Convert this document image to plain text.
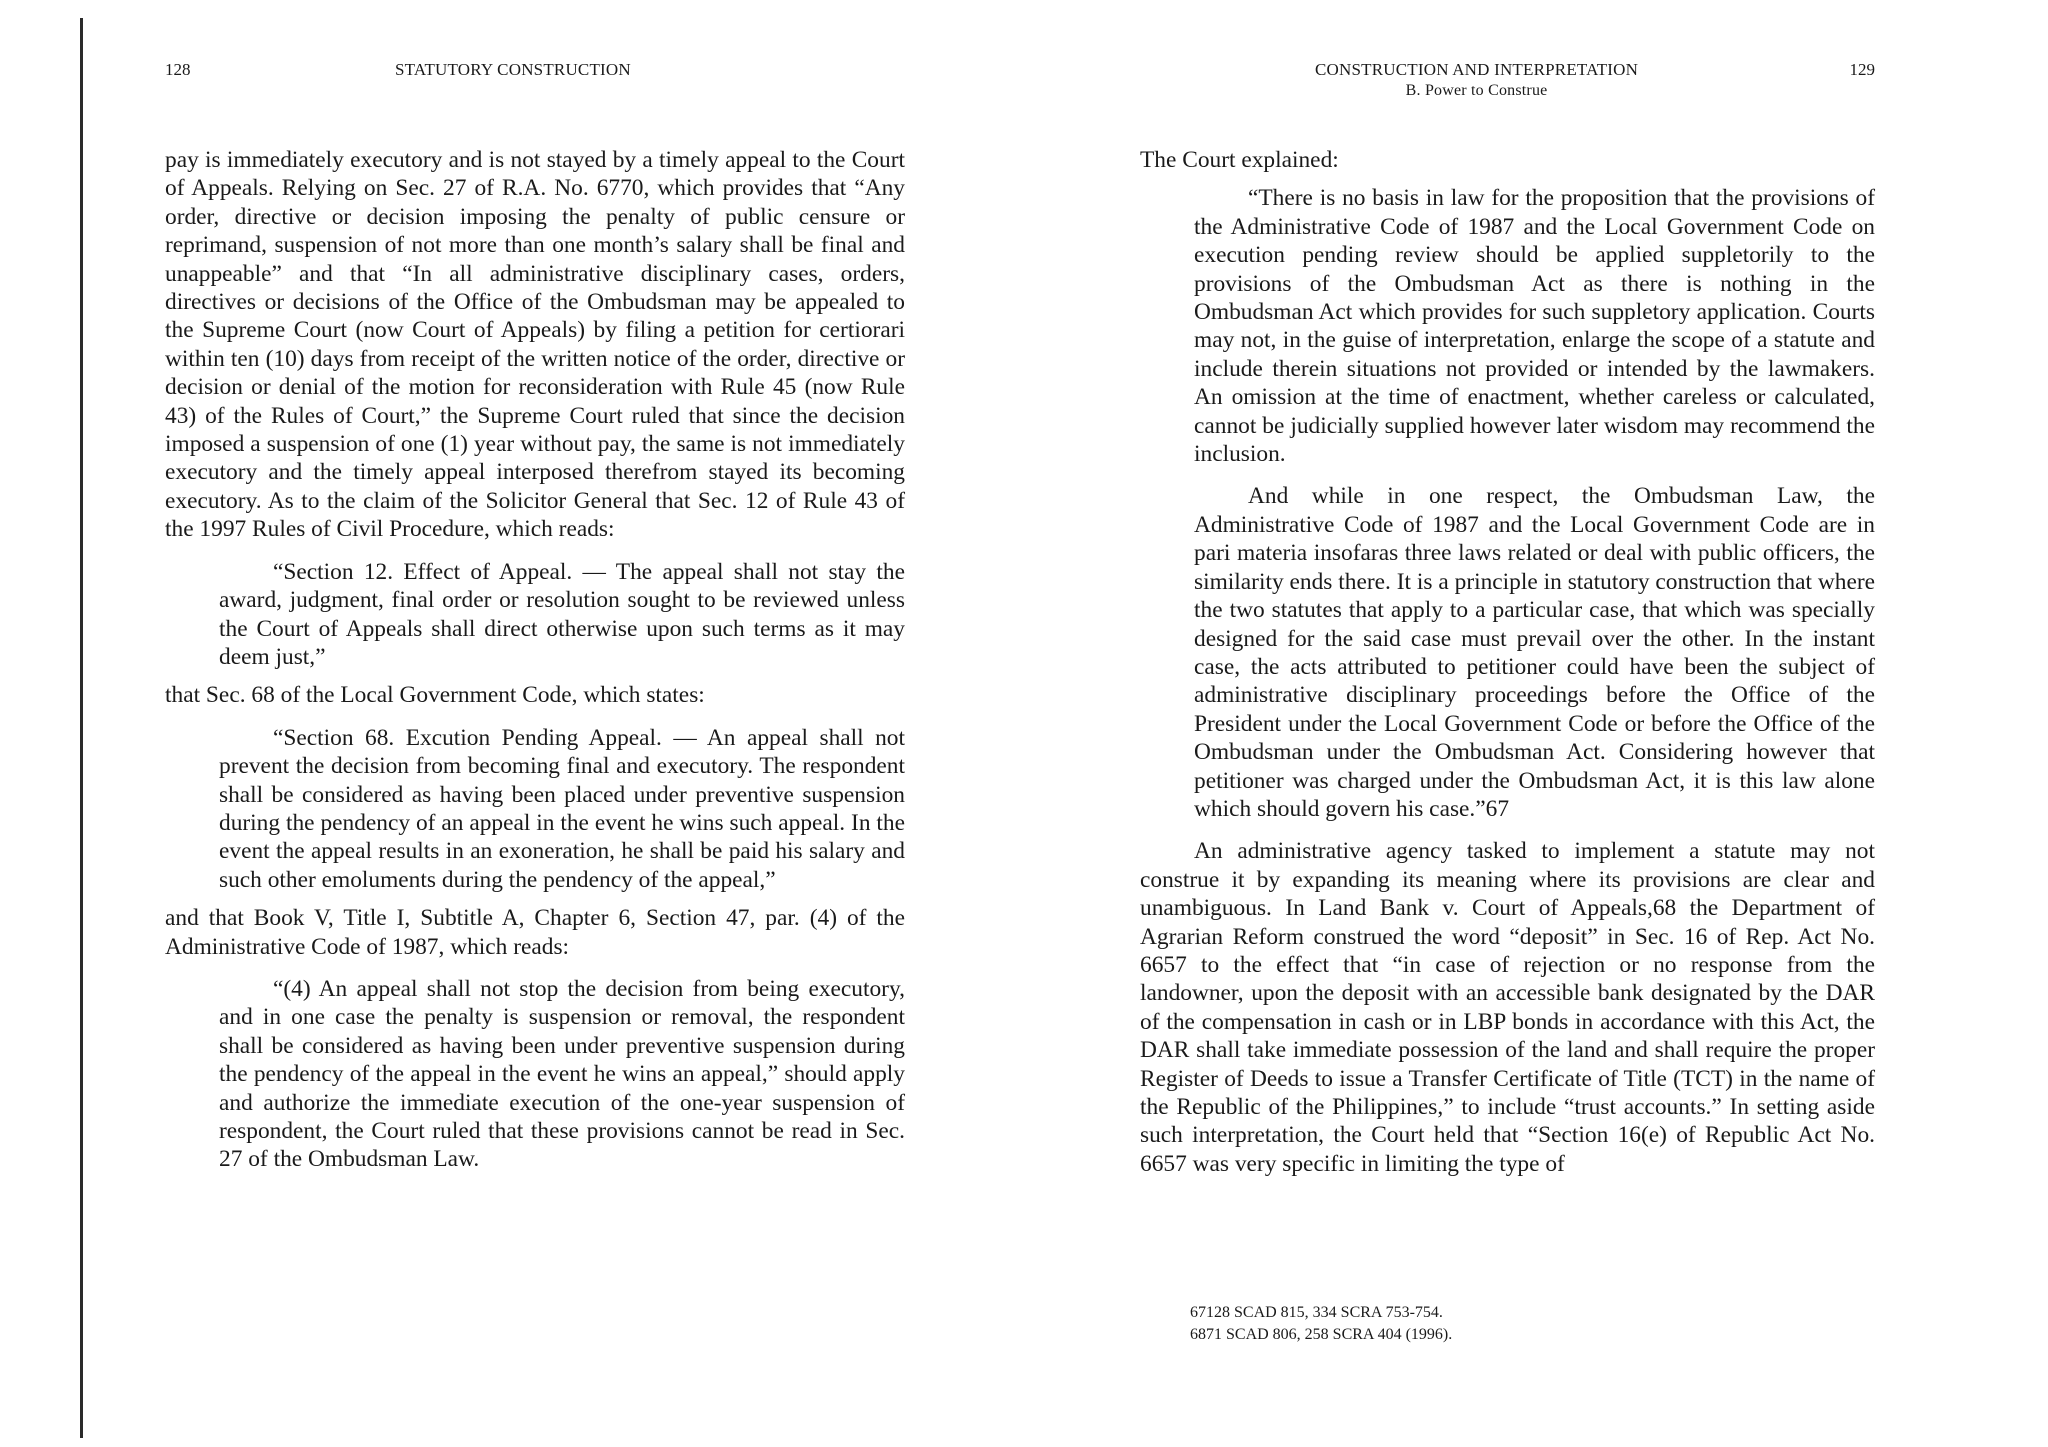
128	STATUTORY CONSTRUCTION

pay is immediately executory and is not stayed by a timely appeal to the Court of Appeals. Relying on Sec. 27 of R.A. No. 6770, which provides that “Any order, directive or decision imposing the penalty of public censure or reprimand, suspension of not more than one month’s salary shall be final and unappeable” and that “In all administrative disciplinary cases, orders, directives or decisions of the Office of the Ombudsman may be appealed to the Supreme Court (now Court of Appeals) by filing a petition for certiorari within ten (10) days from receipt of the written notice of the order, directive or decision or denial of the motion for reconsideration with Rule 45 (now Rule 43) of the Rules of Court,” the Supreme Court ruled that since the decision imposed a suspension of one (1) year without pay, the same is not immediately executory and the timely appeal interposed therefrom stayed its becoming executory. As to the claim of the Solicitor General that Sec. 12 of Rule 43 of the 1997 Rules of Civil Procedure, which reads:

“Section 12. Effect of Appeal. — The appeal shall not stay the award, judgment, final order or resolution sought to be reviewed unless the Court of Appeals shall direct otherwise upon such terms as it may deem just,”

that Sec. 68 of the Local Government Code, which states:

“Section 68. Excution Pending Appeal. — An appeal shall not prevent the decision from becoming final and executory. The respondent shall be considered as having been placed under preventive suspension during the pendency of an appeal in the event he wins such appeal. In the event the appeal results in an exoneration, he shall be paid his salary and such other emoluments during the pendency of the appeal,”

and that Book V, Title I, Subtitle A, Chapter 6, Section 47, par. (4) of the Administrative Code of 1987, which reads:

“(4) An appeal shall not stop the decision from being executory, and in one case the penalty is suspension or removal, the respondent shall be considered as having been under preventive suspension during the pendency of the appeal in the event he wins an appeal,” should apply and authorize the immediate execution of the one-year suspension of respondent, the Court ruled that these provisions cannot be read in Sec. 27 of the Ombudsman Law.

CONSTRUCTION AND INTERPRETATION
B. Power to Construe
129

The Court explained:

“There is no basis in law for the proposition that the provisions of the Administrative Code of 1987 and the Local Government Code on execution pending review should be applied suppletorily to the provisions of the Ombudsman Act as there is nothing in the Ombudsman Act which provides for such suppletory application. Courts may not, in the guise of interpretation, enlarge the scope of a statute and include therein situations not provided or intended by the lawmakers. An omission at the time of enactment, whether careless or calculated, cannot be judicially supplied however later wisdom may recommend the inclusion.

And while in one respect, the Ombudsman Law, the Administrative Code of 1987 and the Local Government Code are in pari materia insofaras three laws related or deal with public officers, the similarity ends there. It is a principle in statutory construction that where the two statutes that apply to a particular case, that which was specially designed for the said case must prevail over the other. In the instant case, the acts attributed to petitioner could have been the subject of administrative disciplinary proceedings before the Office of the President under the Local Government Code or before the Office of the Ombudsman under the Ombudsman Act. Considering however that petitioner was charged under the Ombudsman Act, it is this law alone which should govern his case.”67

An administrative agency tasked to implement a statute may not construe it by expanding its meaning where its provisions are clear and unambiguous. In Land Bank v. Court of Appeals,68 the Department of Agrarian Reform construed the word “deposit” in Sec. 16 of Rep. Act No. 6657 to the effect that “in case of rejection or no response from the landowner, upon the deposit with an accessible bank designated by the DAR of the compensation in cash or in LBP bonds in accordance with this Act, the DAR shall take immediate possession of the land and shall require the proper Register of Deeds to issue a Transfer Certificate of Title (TCT) in the name of the Republic of the Philippines,” to include “trust accounts.” In setting aside such interpretation, the Court held that “Section 16(e) of Republic Act No. 6657 was very specific in limiting the type of

67128 SCAD 815, 334 SCRA 753-754.
6871 SCAD 806, 258 SCRA 404 (1996).
